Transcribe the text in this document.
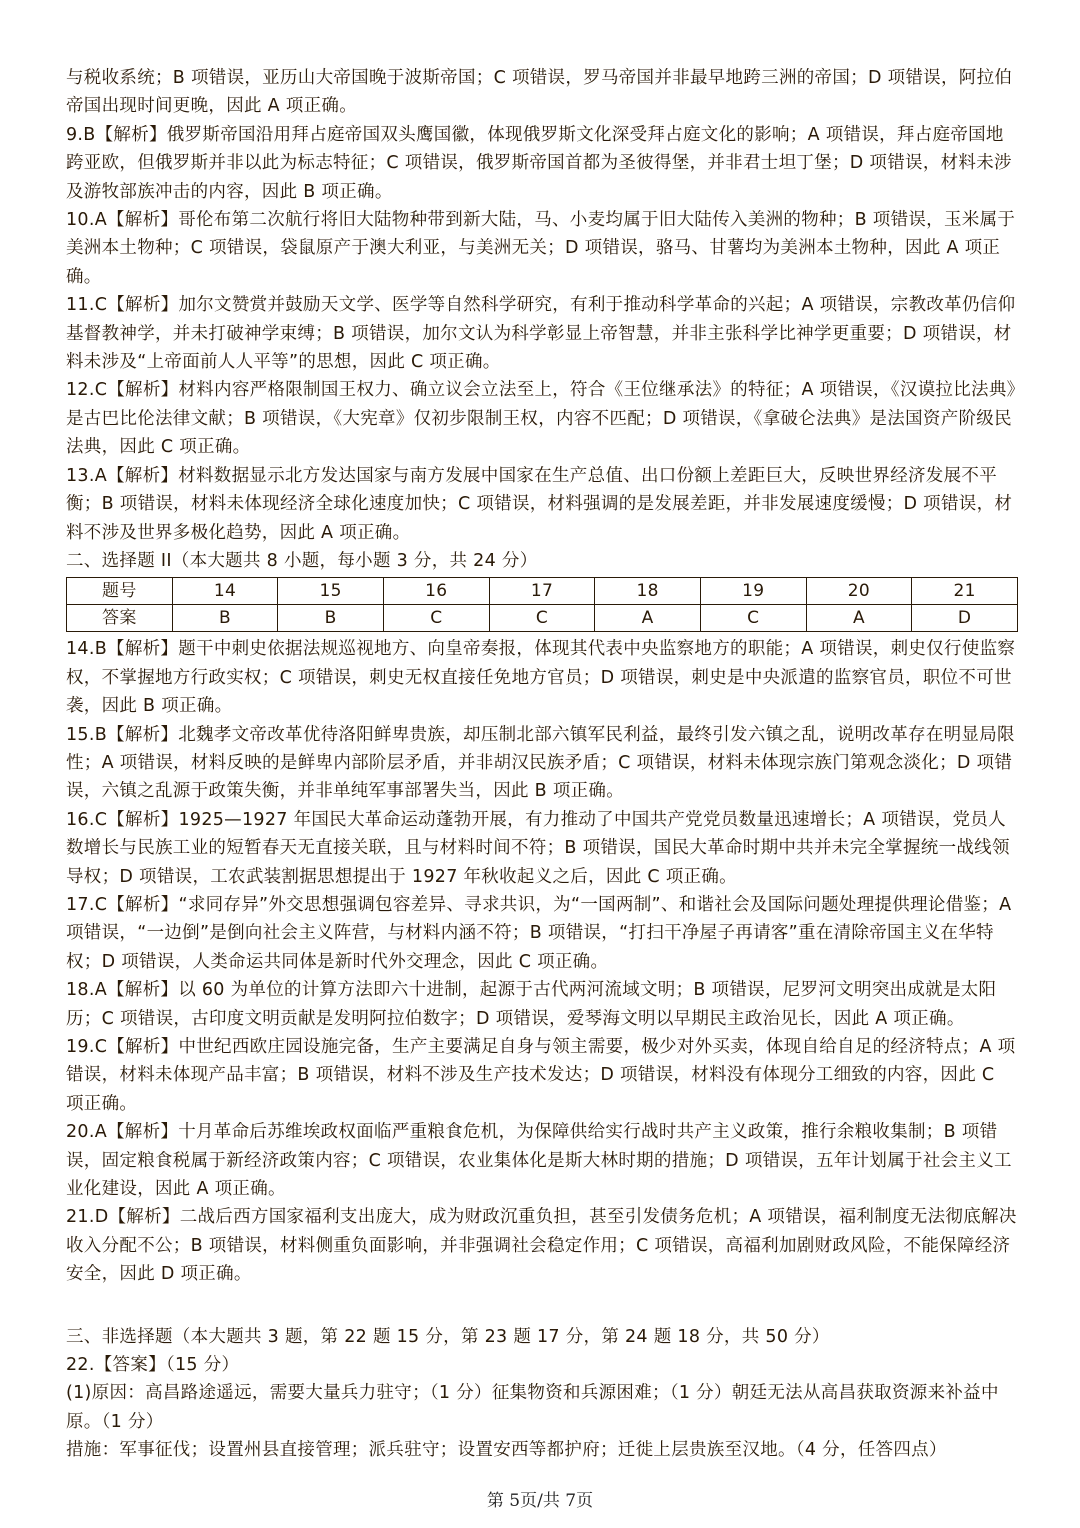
与税收系统；B 项错误，亚历山大帝国晚于波斯帝国；C 项错误，罗马帝国并非最早地跨三洲的帝国；D 项错误，阿拉伯帝国出现时间更晚，因此 A 项正确。
9.B【解析】俄罗斯帝国沿用拜占庭帝国双头鹰国徽，体现俄罗斯文化深受拜占庭文化的影响；A 项错误，拜占庭帝国地跨亚欧，但俄罗斯并非以此为标志特征；C 项错误，俄罗斯帝国首都为圣彼得堡，并非君士坦丁堡；D 项错误，材料未涉及游牧部族冲击的内容，因此 B 项正确。
10.A【解析】哥伦布第二次航行将旧大陆物种带到新大陆，马、小麦均属于旧大陆传入美洲的物种；B 项错误，玉米属于美洲本土物种；C 项错误，袋鼠原产于澳大利亚，与美洲无关；D 项错误，骆马、甘薯均为美洲本土物种，因此 A 项正确。
11.C【解析】加尔文赞赏并鼓励天文学、医学等自然科学研究，有利于推动科学革命的兴起；A 项错误，宗教改革仍信仰基督教神学，并未打破神学束缚；B 项错误，加尔文认为科学彰显上帝智慧，并非主张科学比神学更重要；D 项错误，材料未涉及“上帝面前人人平等”的思想，因此 C 项正确。
12.C【解析】材料内容严格限制国王权力、确立议会立法至上，符合《王位继承法》的特征；A 项错误，《汉谟拉比法典》是古巴比伦法律文献；B 项错误，《大宪章》仅初步限制王权，内容不匹配；D 项错误，《拿破仑法典》是法国资产阶级民法典，因此 C 项正确。
13.A【解析】材料数据显示北方发达国家与南方发展中国家在生产总值、出口份额上差距巨大，反映世界经济发展不平衡；B 项错误，材料未体现经济全球化速度加快；C 项错误，材料强调的是发展差距，并非发展速度缓慢；D 项错误，材料不涉及世界多极化趋势，因此 A 项正确。
二、选择题 II（本大题共 8 小题，每小题 3 分，共 24 分）
题号	14	15	16	17	18	19	20	21
答案	B	B	C	C	A	C	A	D
14.B【解析】题干中刺史依据法规巡视地方、向皇帝奏报，体现其代表中央监察地方的职能；A 项错误，刺史仅行使监察权，不掌握地方行政实权；C 项错误，刺史无权直接任免地方官员；D 项错误，刺史是中央派遣的监察官员，职位不可世袭，因此 B 项正确。
15.B【解析】北魏孝文帝改革优待洛阳鲜卑贵族，却压制北部六镇军民利益，最终引发六镇之乱，说明改革存在明显局限性；A 项错误，材料反映的是鲜卑内部阶层矛盾，并非胡汉民族矛盾；C 项错误，材料未体现宗族门第观念淡化；D 项错误，六镇之乱源于政策失衡，并非单纯军事部署失当，因此 B 项正确。
16.C【解析】1925—1927 年国民大革命运动蓬勃开展，有力推动了中国共产党党员数量迅速增长；A 项错误，党员人数增长与民族工业的短暂春天无直接关联，且与材料时间不符；B 项错误，国民大革命时期中共并未完全掌握统一战线领导权；D 项错误，工农武装割据思想提出于 1927 年秋收起义之后，因此 C 项正确。
17.C【解析】“求同存异”外交思想强调包容差异、寻求共识，为“一国两制”、和谐社会及国际问题处理提供理论借鉴；A 项错误，“一边倒”是倒向社会主义阵营，与材料内涵不符；B 项错误，“打扫干净屋子再请客”重在清除帝国主义在华特权；D 项错误，人类命运共同体是新时代外交理念，因此 C 项正确。
18.A【解析】以 60 为单位的计算方法即六十进制，起源于古代两河流域文明；B 项错误，尼罗河文明突出成就是太阳历；C 项错误，古印度文明贡献是发明阿拉伯数字；D 项错误，爱琴海文明以早期民主政治见长，因此 A 项正确。
19.C【解析】中世纪西欧庄园设施完备，生产主要满足自身与领主需要，极少对外买卖，体现自给自足的经济特点；A 项错误，材料未体现产品丰富；B 项错误，材料不涉及生产技术发达；D 项错误，材料没有体现分工细致的内容，因此 C 项正确。
20.A【解析】十月革命后苏维埃政权面临严重粮食危机，为保障供给实行战时共产主义政策，推行余粮收集制；B 项错误，固定粮食税属于新经济政策内容；C 项错误，农业集体化是斯大林时期的措施；D 项错误，五年计划属于社会主义工业化建设，因此 A 项正确。
21.D【解析】二战后西方国家福利支出庞大，成为财政沉重负担，甚至引发债务危机；A 项错误，福利制度无法彻底解决收入分配不公；B 项错误，材料侧重负面影响，并非强调社会稳定作用；C 项错误，高福利加剧财政风险，不能保障经济安全，因此 D 项正确。
三、非选择题（本大题共 3 题，第 22 题 15 分，第 23 题 17 分，第 24 题 18 分，共 50 分）
22.【答案】（15 分）
(1)原因：高昌路途遥远，需要大量兵力驻守；（1 分）征集物资和兵源困难；（1 分）朝廷无法从高昌获取资源来补益中原。（1 分）
措施：军事征伐；设置州县直接管理；派兵驻守；设置安西等都护府；迁徙上层贵族至汉地。（4 分，任答四点）
第 5页/共 7页
